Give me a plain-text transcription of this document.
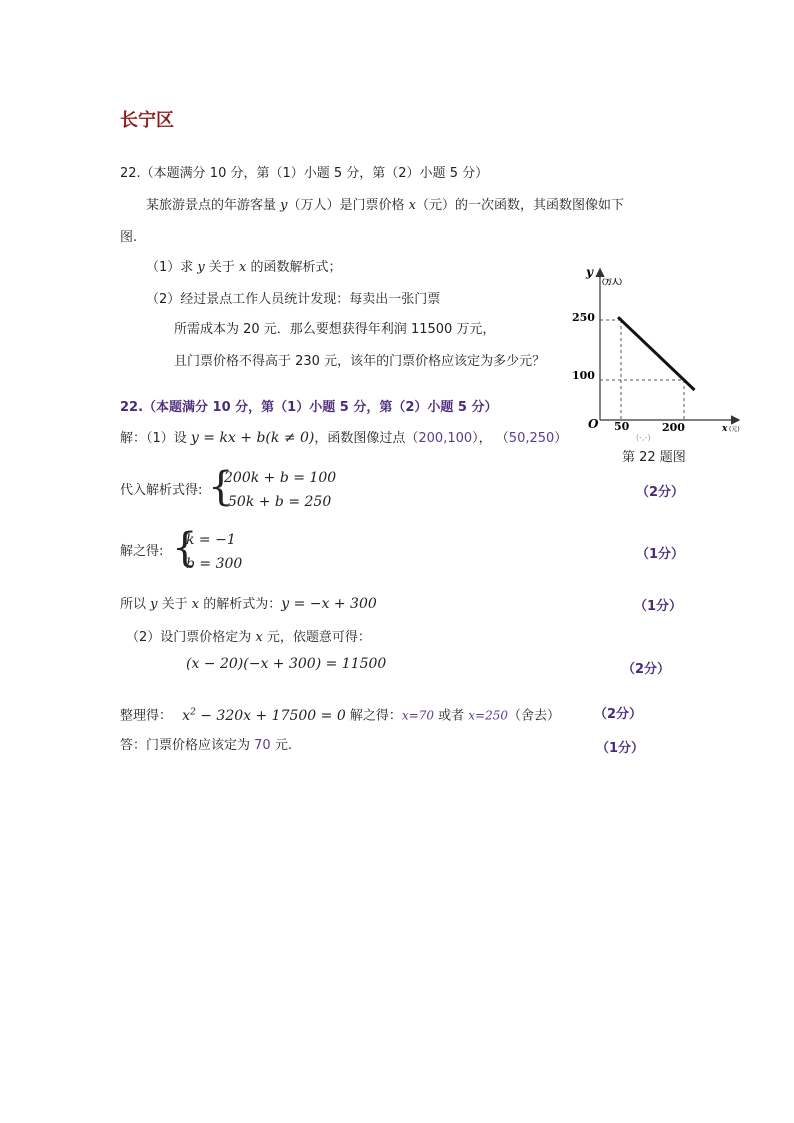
长宁区
22.（本题满分 10 分，第（1）小题 5 分，第（2）小题 5 分）
某旅游景点的年游客量 y（万人）是门票价格 x（元）的一次函数，其函数图像如下
图.
（1）求 y 关于 x 的函数解析式；
（2）经过景点工作人员统计发现：每卖出一张门票
所需成本为 20 元．那么要想获得年利润 11500 万元，
且门票价格不得高于 230 元，该年的门票价格应该定为多少元？
y
（万人）
250
100
O 50	200	x (元)
(-,-)
第 22 题图
22.（本题满分 10 分，第（1）小题 5 分，第（2）小题 5 分）
解：（1）设 y = kx + b(k ≠ 0)，函数图像过点（200,100）， （50,250）
代入解析式得: {
200k + b = 100
50k + b = 250
（2分）
解之得: {
k = −1
b = 300
（1分）
所以 y 关于 x 的解析式为：y = −x + 300	（1分）
（2）设门票价格定为 x 元，依题意可得：
(x − 20)(−x + 300) = 11500	（2分）
整理得： $x^2 - 320x + 17500 = 0$ 解之得：x=70 或者 x=250（舍去）	（2分）
答：门票价格应该定为 70 元.	（1分）
